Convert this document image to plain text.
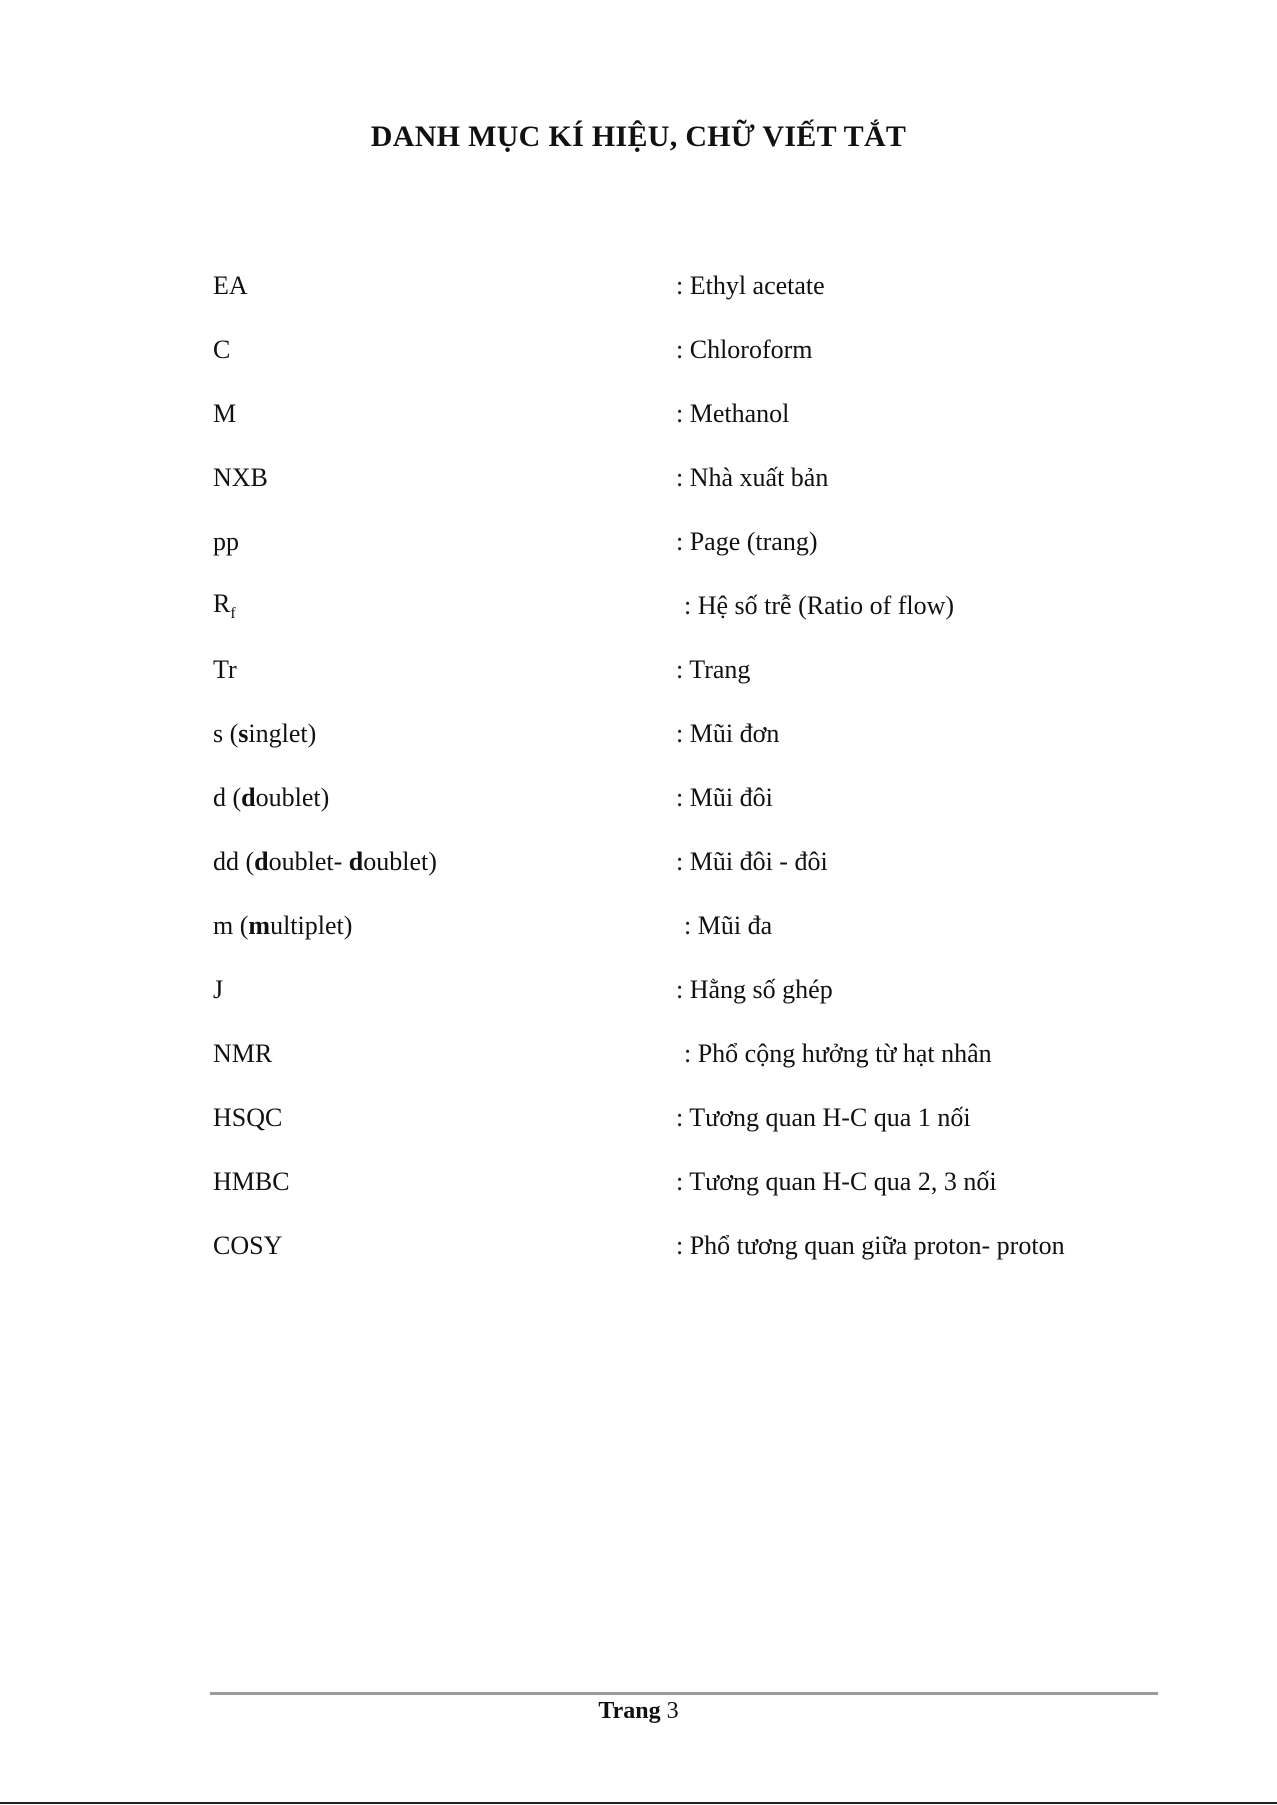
DANH MỤC KÍ HIỆU, CHỮ VIẾT TẮT
EA	: Ethyl acetate
C	: Chloroform
M	: Methanol
NXB	: Nhà xuất bản
pp	: Page (trang)
$R_f$	: Hệ số trễ (Ratio of flow)
Tr	: Trang
s (singlet)	: Mũi đơn
d (doublet)	: Mũi đôi
dd (doublet- doublet)	: Mũi đôi - đôi
m (multiplet)	: Mũi đa
J	: Hằng số ghép
NMR	: Phổ cộng hưởng từ hạt nhân
HSQC	: Tương quan H-C qua 1 nối
HMBC	: Tương quan H-C qua 2, 3 nối
COSY	: Phổ tương quan giữa proton- proton
Trang 3
